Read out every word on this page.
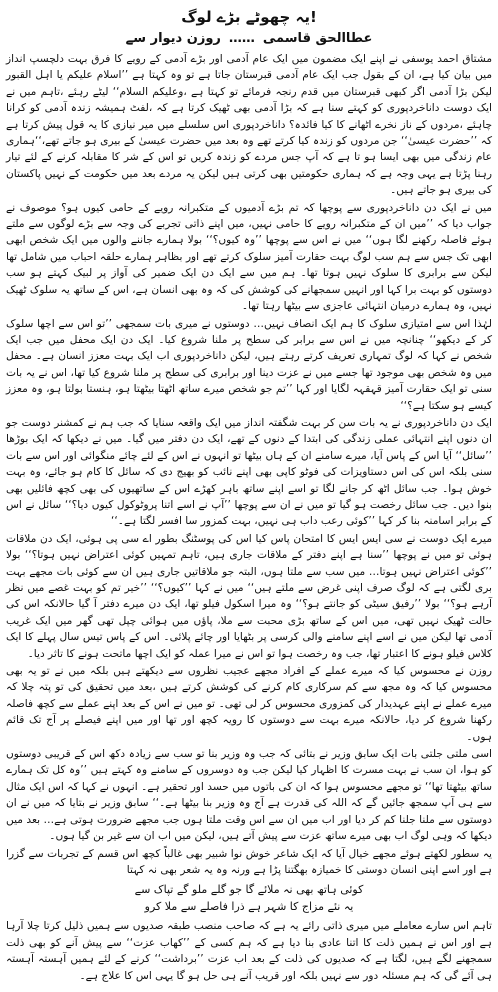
یہ چھوٹے بڑے لوگ!
روزن دیوار سے …… عطاالحق قاسمی

مشتاق احمد یوسفی نے اپنے ایک مضمون میں ایک عام آدمی اور بڑے آدمی کے رویے کا فرق بہت دلچسپ انداز میں بیان کیا ہے، ان کے بقول جب ایک عام آدمی قبرستان جاتا ہے تو وہ کہتا ہے ’’اسلام علیکم یا اہل القبور لیکن بڑا آدمی اگر کبھی قبرستان میں قدم رنجہ فرمائے تو کہتا ہے ،وعلیکم السلام‘‘ لیٹے رہئے ،تاہم میں نے ایک دوست داناخردپوری کو کہتے سنا ہے کہ بڑا آدمی بھی ٹھیک کرتا ہے کہ ،لفٹ ہمیشہ زندہ آدمی کو کرانا چاہئے ،مردوں کے ناز نخرے اٹھانے کا کیا فائدہ؟ داناخردپوری اس سلسلے میں میر نیازی کا یہ قول پیش کرتا ہے کہ ’’حضرت عیسیٰ‘‘ جن مردوں کو زندہ کیا کرتے تھے وہ بعد میں حضرت عیسیٰ کے بیری ہو جاتے تھے،‘‘ہماری عام زندگی میں بھی ایسا ہو تا ہے کہ آپ جس مردے کو زندہ کریں تو اس کے شر کا مقابلہ کرنے کے لئے تیار رہنا پڑتا ہے یہی وجہ ہے کہ ہماری حکومتیں بھی کرتی ہیں لیکن یہ مردے بعد میں حکومت کے نہیں پاکستان کی بیری ہو جاتے ہیں۔

میں نے ایک دن داناخردپوری سے پوچھا کہ تم بڑے آدمیوں کے متکبرانہ رویے کے حامی کیوں ہو؟ موصوف نے جواب دیا کہ ’’میں ان کے متکبرانہ رویے کا حامی نہیں، میں اپنے ذاتی تجربے کی وجہ سے بڑے لوگوں سے ملتے ہوئے فاصلہ رکھنے لگا ہوں‘‘ میں نے اس سے پوچھا ’’وہ کیوں؟‘‘ بولا ہمارے جاننے والوں میں ایک شخص ابھی ابھی تک جس سے ہم سب لوگ بہت حقارت آمیز سلوک کرتے تھے اور بظاہر ہمارے حلقہ احباب میں شامل تھا لیکن سے برابری کا سلوک نہیں ہوتا تھا۔ ہم میں سے ایک دن ایک ضمیر کی آواز پر لبیک کہتے ہو سب دوستوں کو بہت برا کہا اور انہیں سمجھانے کی کوشش کی کہ وہ بھی انسان ہے، اس کے ساتھ یہ سلوک ٹھیک نہیں، وہ ہمارے درمیان انتہائی عاجزی سے بیٹھا رہتا تھا۔

لہٰذا اس سے امتیازی سلوک کا ہم ایک انصاف نہیں… دوستوں نے میری بات سمجھی ’’تو اس سے اچھا سلوک کر کے دیکھو‘‘ چنانچہ میں نے اس سے برابر کی سطح پر ملنا شروع کیا۔ ایک دن ایک محفل میں جب ایک شخص نے کہا کہ لوگ تمہاری تعریف کرتے رہتے ہیں، لیکن داناخردپوری اب ایک بہت معزز انسان ہے۔ محفل میں وہ شخص بھی موجود تھا جسے میں نے عزت دینا اور برابری کی سطح پر ملنا شروع کیا تھا، اس نے یہ بات سنی تو ایک حقارت آمیز قہقہہ لگایا اور کہا ’’تم جو شخص میرے ساتھ اٹھتا بیٹھتا ہو، ہنستا بولتا ہو، وہ معزز کیسے ہو سکتا ہے؟‘‘

ایک دن داناخردپوری نے یہ بات سن کر بہت شگفتہ انداز میں ایک واقعہ سنایا کہ جب ہم نے کمشنر دوست جو ان دنوں اپنے انتہائی عملی زندگی کی ابتدا کے دنوں کے تھے، ایک دن دفتر میں گیا۔ میں نے دیکھا کہ ایک بوڑھا ’’سائل‘‘ آیا اس کے پاس آیا، میرے سامنے ان کے ہاں بیٹھا تو انہوں نے اس کے لئے چائے منگوائی اور اس سے بات سنی بلکہ اس کی اس دستاویزات کی فوٹو کاپی بھی اپنے نائب کو بھیج دی کہ سائل کا کام ہو جائے، وہ بہت خوش ہوا۔ جب سائل اٹھ کر جانے لگا تو اسے اپنے ساتھ باہر کھڑے اس کے ساتھیوں کی بھی کچھ فائلیں بھی بنوا دیں۔ جب سائل رخصت ہو گیا تو میں نے ان سے پوچھا ’’آپ نے اسے اتنا پروٹوکول کیوں دیا؟‘‘ سائل نے اس کے برابر اسامنہ بنا کر کہا ’’کوئی رعب داب ہی نہیں، بہت کمزور سا افسر لگتا ہے۔‘‘

میرے ایک دوست نے سی ایس ایس کا امتحان پاس کیا اس کی پوسٹنگ بطور اے سی پی ہوئی، ایک دن ملاقات ہوئی تو میں نے پوچھا ’’سنا ہے اپنے دفتر کے ملاقات جاری ہیں، تاہم تمہیں کوئی اعتراض نہیں ہوتا؟‘‘ بولا ’’کوئی اعتراض نہیں ہوتا… میں سب سے ملتا ہوں، البتہ جو ملاقاتیں جاری ہیں ان سے کوئی بات مجھے بہت بری لگتی ہے کہ لوگ صرف اپنی غرض سے ملتے ہیں‘‘ میں نے کہا ’’کیوں؟‘‘ ’’خیر تم کو بہت غصے میں نظر آرہے ہو؟‘‘ بولا ’’رفیق سیٹی کو جانتے ہو؟‘‘ وہ میرا اسکول فیلو تھا، ایک دن میرے دفتر آ گیا حالانکہ اس کی حالت ٹھیک نہیں تھی، میں اس کے ساتھ بڑی محبت سے ملا، پاؤں میں ہوائی چپل تھی گھر میں ایک غریب آدمی تھا لیکن میں نے اسے اپنے سامنے والی کرسی پر بٹھایا اور چائے پلائی۔ اس کے پاس تیس سال پہلے کا ایک کلاس فیلو ہونے کا اعتبار تھا، جب وہ رخصت ہوا تو اس نے میرا عملہ کو ایک اچھا ماتحت ہونے کا تاثر دیا۔

روزن نے محسوس کیا کہ میرے عملے کے افراد مجھے عجیب نظروں سے دیکھتے ہیں بلکہ میں نے تو یہ بھی محسوس کیا کہ وہ مجھ سے کم سرکاری کام کرنے کی کوشش کرتے ہیں ،بعد میں تحقیق کی تو پتہ چلا کہ میرے عملے نے اپنے عہدیدار کی کمزوری محسوس کر لی تھی۔ تو میں نے اس کے بعد اپنے عملے سے کچھ فاصلہ رکھنا شروع کر دیا، حالانکہ میرے بہت سے دوستوں کا رویہ کچھ اور تھا اور میں اپنے فیصلے پر آج تک قائم ہوں۔

اسی ملتی جلتی بات ایک سابق وزیر نے بتائی کہ جب وہ وزیر بنا تو سب سے زیادہ دکھ اس کے قریبی دوستوں کو ہوا، ان سب نے بہت مسرت کا اظہار کیا لیکن جب وہ دوسروں کے سامنے وہ کہتے ہیں ’’وہ کل تک ہمارے ساتھ بیٹھتا تھا‘‘ تو مجھے محسوس ہوا کہ ان کی باتوں میں حسد اور تحقیر ہے۔ انہوں نے کہا کہ اس ایک مثال سے ہی آپ سمجھ جائیں گے کہ اللہ کی قدرت ہے آج وہ وزیر بنا بیٹھا ہے۔‘‘ سابق وزیر نے بتایا کہ میں نے ان دوستوں سے ملنا جلنا کم کر دیا اور اب میں ان سے اس وقت ملتا ہوں جب مجھے ضرورت ہوتی ہے… بعد میں دیکھا کہ وہی لوگ اب بھی میرے ساتھ عزت سے پیش آتے ہیں، لیکن میں اب ان سے غیر بن گیا ہوں۔

یہ سطور لکھتے ہوئے مجھے خیال آیا کہ ایک شاعر خوش نوا شبیر بھی غالباً کچھ اس قسم کے تجربات سے گزرا ہے اور اسے اپنی انسان دوستی کا خمیازہ بھگتنا پڑا ہے ورنہ وہ یہ شعر بھی نہ کہتا

کوئی ہاتھ بھی نہ ملائے گا جو گلے ملو گے تپاک سے
یہ نئے مزاج کا شہر ہے ذرا فاصلے سے ملا کرو

تاہم اس سارے معاملے میں میری ذاتی رائے یہ ہے کہ صاحب منصب طبقہ صدیوں سے ہمیں ذلیل کرتا چلا آرہا ہے اور اس نے ہمیں ذلت کا اتنا عادی بنا دیا ہے کہ ہم کسی کے ’’کھاب عزت‘‘ سے پیش آنے کو بھی ذلت سمجھنے لگے ہیں، لگتا ہے کہ صدیوں کی ذلت کے بعد اب عزت ’’برداشت‘‘ کرنے کے لئے ہمیں آہستہ آہستہ ہی آئے گی کہ ہم مسئلہ دور سے نہیں بلکہ اور قریب آنے ہی حل ہو گا یہی اس کا علاج ہے۔
